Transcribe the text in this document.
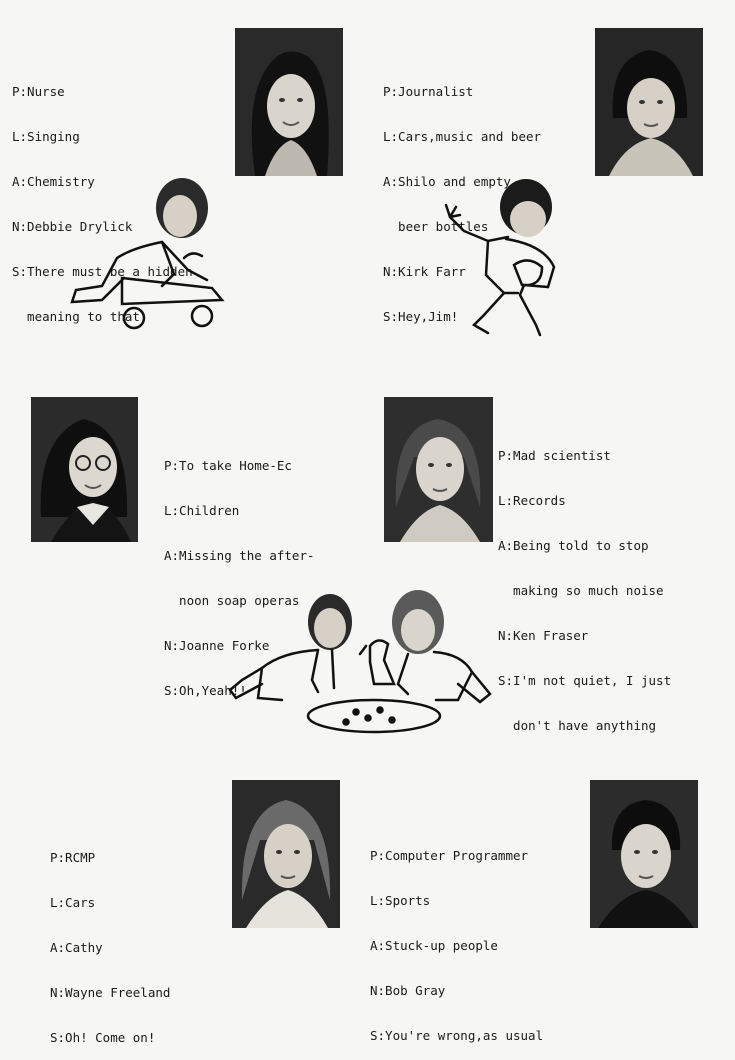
P:Nurse

L:Singing

A:Chemistry

N:Debbie Drylick

S:There must be a hidden

meaning to that

P:Journalist

L:Cars,music and beer

A:Shilo and empty

beer bottles

N:Kirk Farr

S:Hey,Jim!

P:To take Home-Ec

L:Children

A:Missing the after-

noon soap operas

N:Joanne Forke

S:Oh,Yeah!!

P:Mad scientist

L:Records

A:Being told to stop

making so much noise

N:Ken Fraser

S:I'm not quiet, I just

don't have anything

P:RCMP

L:Cars

A:Cathy

N:Wayne Freeland

S:Oh! Come on!

P:Computer Programmer

L:Sports

A:Stuck-up people

N:Bob Gray

S:You're wrong,as usual
